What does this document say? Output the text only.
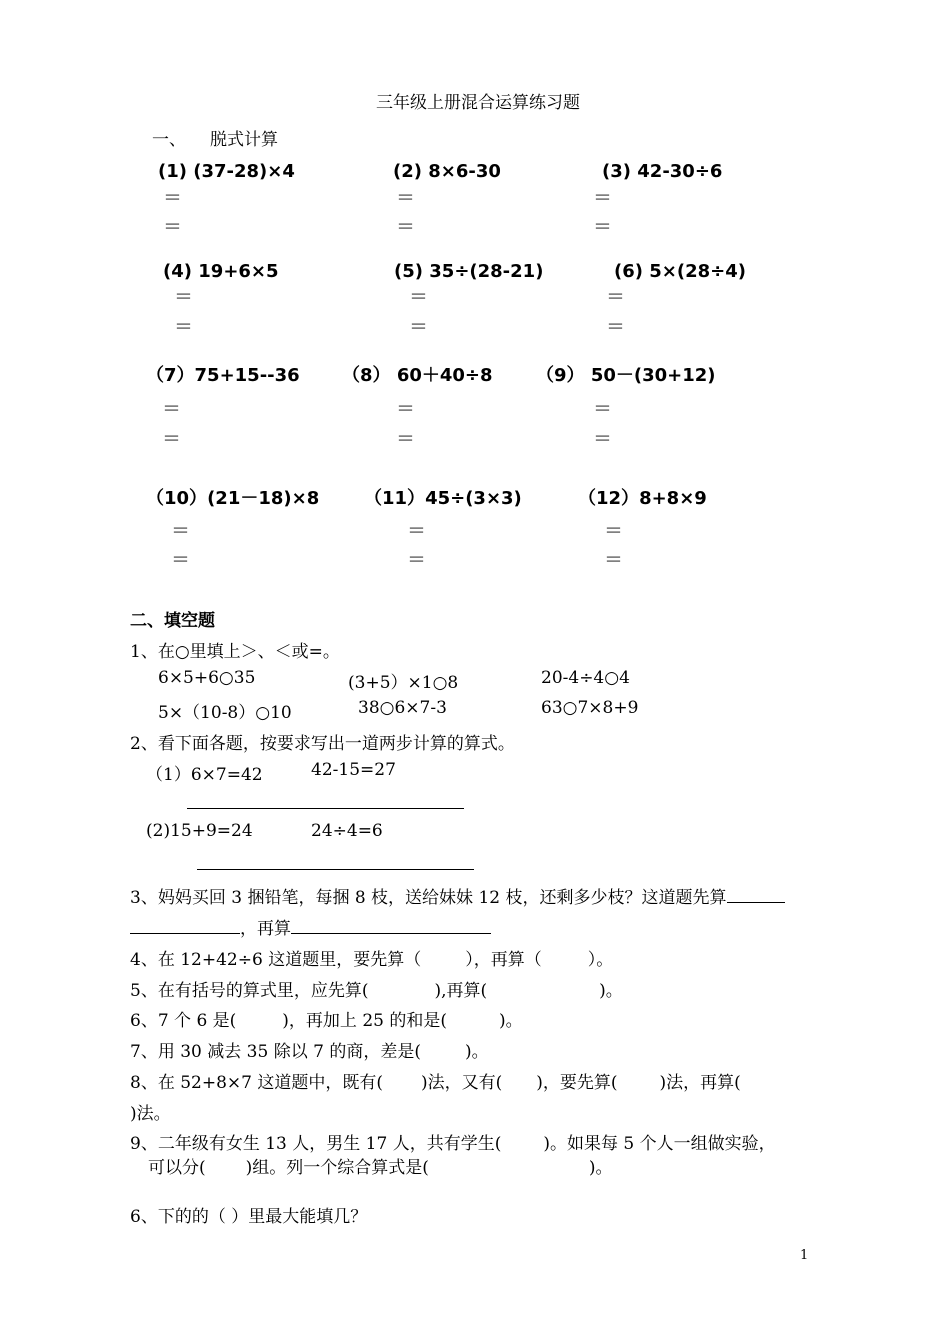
三年级上册混合运算练习题
一、 脱式计算
(1) (37-28)×4	(2) 8×6-30	(3) 42-30÷6
＝
＝
＝
＝
＝
＝
(4) 19+6×5	(5) 35÷(28-21)	(6) 5×(28÷4)
＝
＝
＝
＝
＝
＝
（7）75+15--36 （8） 60＋40÷8 （9） 50－(30+12)
＝
＝
＝
＝
＝
＝
（10）(21－18)×8 （11）45÷(3×3)	（12）8+8×9
＝
＝
＝
＝
＝
＝
二、填空题
1、在○里填上＞、＜或=。
6×5+6○35	(3+5）×1○8	20-4÷4○4
5×（10-8）○10	38○6×7-3	63○7×8+9
2、看下面各题，按要求写出一道两步计算的算式。
（1）6×7=42	42-15=27
(2)15+9=24	24÷4=6
3、妈妈买回 3 捆铅笔，每捆 8 枝，送给妹妹 12 枝，还剩多少枝？这道题先算
，再算
4、在 12+42÷6 这道题里，要先算（	），再算（	）。
5、在有括号的算式里，应先算(	),再算(	)。
6、7 个 6 是(	)，再加上 25 的和是(	)。
7、用 30 减去 35 除以 7 的商，差是(	)。
8、在 52+8×7 这道题中，既有( )法，又有( )，要先算( )法，再算(
)法。
9、二年级有女生 13 人，男生 17 人，共有学生( )。如果每 5 个人一组做实验，
可以分( )组。列一个综合算式是(	)。
6、下的的（ ）里最大能填几？
1
